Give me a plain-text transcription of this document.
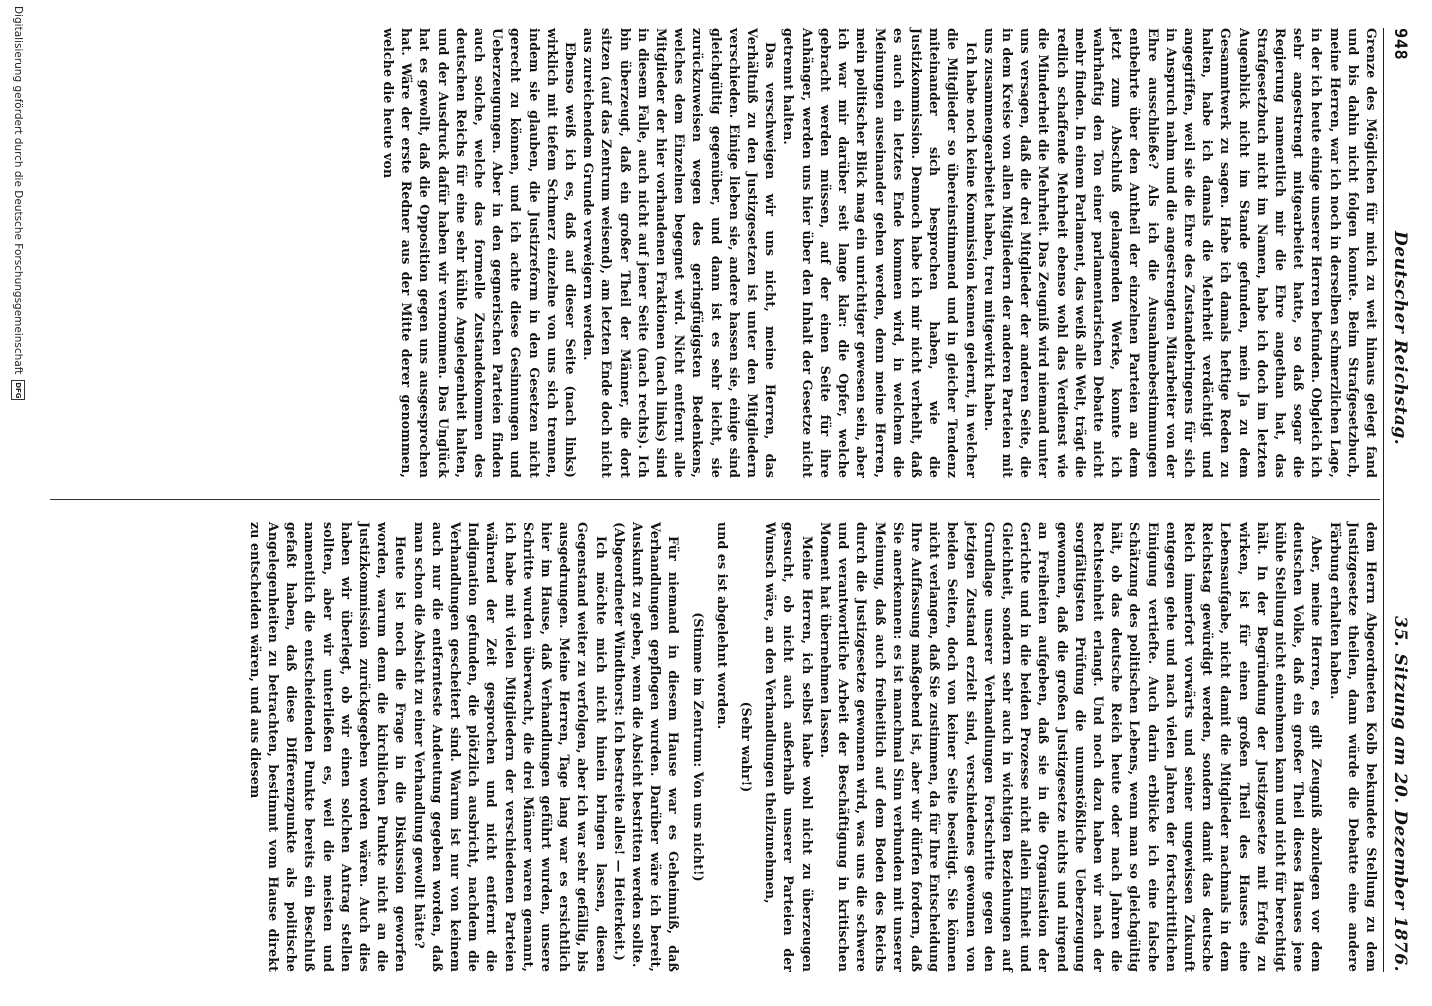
948
Deutscher Reichstag.
35. Sitzung am 20. Dezember 1876.

Grenze des Möglichen für mich zu weit hinaus gelegt fand und bis dahin nicht folgen konnte. Beim Strafgesetzbuch, meine Herren, war ich noch in derselben schmerzlichen Lage, in der ich heute einige unserer Herren befunden. Obgleich ich sehr angestrengt mitgearbeitet hatte, so daß sogar die Regierung namentlich mir die Ehre angethan hat, das Strafgesetzbuch nicht im Namen, habe ich doch im letzten Augenblick nicht im Stande gefunden, mein Ja zu dem Gesammtwerk zu sagen. Habe ich damals heftige Reden zu halten, habe ich damals die Mehrheit verdächtigt und angegriffen, weil sie die Ehre des Zustandebringens für sich in Anspruch nahm und die angestrengten Mitarbeiter von der Ehre ausschließe? Als ich die Ausnahmebestimmungen entbehrte über den Antheil der einzelnen Parteien an dem jetzt zum Abschluß gelangenden Werke, konnte ich wahrhaftig den Ton einer parlamentarischen Debatte nicht mehr finden. In einem Parlament, das weiß alle Welt, trägt die redlich schaffende Mehrheit ebenso wohl das Verdienst wie die Minderheit die Mehrheit. Das Zeugniß wird niemand unter uns versagen, daß die drei Mitglieder der anderen Seite, die in dem Kreise von allen Mitgliedern der anderen Parteien mit uns zusammengearbeitet haben, treu mitgewirkt haben.

Ich habe noch keine Kommission kennen gelernt, in welcher die Mitglieder so übereinstimmend und in gleicher Tendenz miteinander sich besprochen haben, wie die Justizkommission. Dennoch habe ich mir nicht verhehlt, daß es auch ein letztes Ende kommen wird, in welchem die Meinungen auseinander gehen werden, denn meine Herren, mein politischer Blick mag ein unrichtiger gewesen sein, aber ich war mir darüber seit lange klar: die Opfer, welche gebracht werden müssen, auf der einen Seite für ihre Anhänger, werden uns hier über den Inhalt der Gesetze nicht getrennt halten.

Das verschweigen wir uns nicht, meine Herren, das Verhältniß zu den Justizgesetzen ist unter den Mitgliedern verschieden. Einige lieben sie, andere hassen sie, einige sind gleichgültig gegenüber, und dann ist es sehr leicht, sie zurückzuweisen wegen des geringfügigsten Bedenkens, welches dem Einzelnen begegnet wird. Nicht entfernt alle Mitglieder der hier vorhandenen Fraktionen (nach links) sind in diesem Falle, auch nicht auf jener Seite (nach rechts). Ich bin überzeugt, daß ein großer Theil der Männer, die dort sitzen (auf das Zentrum weisend), am letzten Ende doch nicht aus zureichendem Grunde verweigern werden.

Ebenso weiß ich es, daß auf dieser Seite (nach links) wirklich mit tiefem Schmerz einzelne von uns sich trennen, indem sie glauben, die Justizreform in den Gesetzen nicht gerecht zu können, und ich achte diese Gesinnungen und Ueberzeugungen. Aber in den gegnerischen Parteien finden auch solche, welche das formelle Zustandekommen des deutschen Reichs für eine sehr kühle Angelegenheit halten, und der Ausdruck dafür haben wir vernommen. Das Unglück hat es gewollt, daß die Opposition gegen uns ausgesprochen hat. Wäre der erste Redner aus der Mitte derer genommen, welche die heute von

dem Herrn Abgeordneten Kolb bekundete Stellung zu dem Justizgesetze theilen, dann würde die Debatte eine andere Färbung erhalten haben.

Aber, meine Herren, es gilt Zeugniß abzulegen vor dem deutschen Volke, daß ein großer Theil dieses Hauses jene kühle Stellung nicht einnehmen kann und nicht für berechtigt hält. In der Begründung der Justizgesetze mit Erfolg zu wirken, ist für einen großen Theil des Hauses eine Lebensaufgabe, nicht damit die Mitglieder nachmals in dem Reichstag gewürdigt werden, sondern damit das deutsche Reich immerfort vorwärts und seiner ungewissen Zukunft entgegen gehe und nach vielen Jahren der fortschrittlichen Einigung vertiefte. Auch darin erblicke ich eine falsche Schätzung des politischen Lebens, wenn man so gleichgültig hält, ob das deutsche Reich heute oder nach Jahren die Rechtseinheit erlangt. Und noch dazu haben wir nach der sorgfältigsten Prüfung die unumstößliche Ueberzeugung gewonnen, daß die großen Justizgesetze nichts und nirgend an Freiheiten aufgeben, daß sie in die Organisation der Gerichte und in die beiden Prozesse nicht allein Einheit und Gleichheit, sondern sehr auch in wichtigen Beziehungen auf Grundlage unserer Verhandlungen Fortschritte gegen den jetzigen Zustand erzielt sind, verschiedenes gewonnen von beiden Seiten, doch von keiner Seite beseitigt. Sie können nicht verlangen, daß Sie zustimmen, da für Ihre Entscheidung Ihre Auffassung maßgebend ist, aber wir dürfen fordern, daß Sie anerkennen: es ist manchmal Sinn verbunden mit unserer Meinung, daß auch freiheitlich auf dem Boden des Reichs durch die Justizgesetze gewonnen wird, was uns die schwere und verantwortliche Arbeit der Beschäftigung in kritischen Moment hat übernehmen lassen.

Meine Herren, ich selbst habe wohl nicht zu überzeugen gesucht, ob nicht auch außerhalb unserer Parteien der Wunsch wäre, an den Verhandlungen theilzunehmen,

(Sehr wahr!)

und es ist abgelehnt worden.

(Stimme im Zentrum: Von uns nicht!)

Für niemand in diesem Hause war es Geheimniß, daß Verhandlungen gepflogen wurden. Darüber wäre ich bereit, Auskunft zu geben, wenn die Absicht bestritten werden sollte.

(Abgeordneter Windthorst: Ich bestreite alles! — Heiterkeit.)

Ich möchte mich nicht hinein bringen lassen, diesen Gegenstand weiter zu verfolgen, aber ich war sehr gefällig, bis ausgedrungen. Meine Herren, Tage lang war es ersichtlich hier im Hause, daß Verhandlungen geführt wurden, unsere Schritte wurden überwacht, die drei Männer waren genannt, ich habe mit vielen Mitgliedern der verschiedenen Parteien während der Zeit gesprochen und nicht entfernt die Indignation gefunden, die plötzlich ausbricht, nachdem die Verhandlungen gescheitert sind. Warum ist nur von keinem auch nur die entfernteste Andeutung gegeben worden, daß man schon die Absicht zu einer Verhandlung gewollt hätte?

Heute ist noch die Frage in die Diskussion geworfen worden, warum denn die kirchlichen Punkte nicht an die Justizkommission zurückgegeben worden wären. Auch dies haben wir überlegt, ob wir einen solchen Antrag stellen sollten, aber wir unterließen es, weil die meisten und namentlich die entscheidenden Punkte bereits ein Beschluß gefaßt haben, daß diese Differenzpunkte als politische Angelegenheiten zu betrachten, bestimmt vom Hause direkt zu entscheiden wären, und aus diesem

Digitalisierung gefördert durch die Deutsche Forschungsgemeinschaft
DFG
